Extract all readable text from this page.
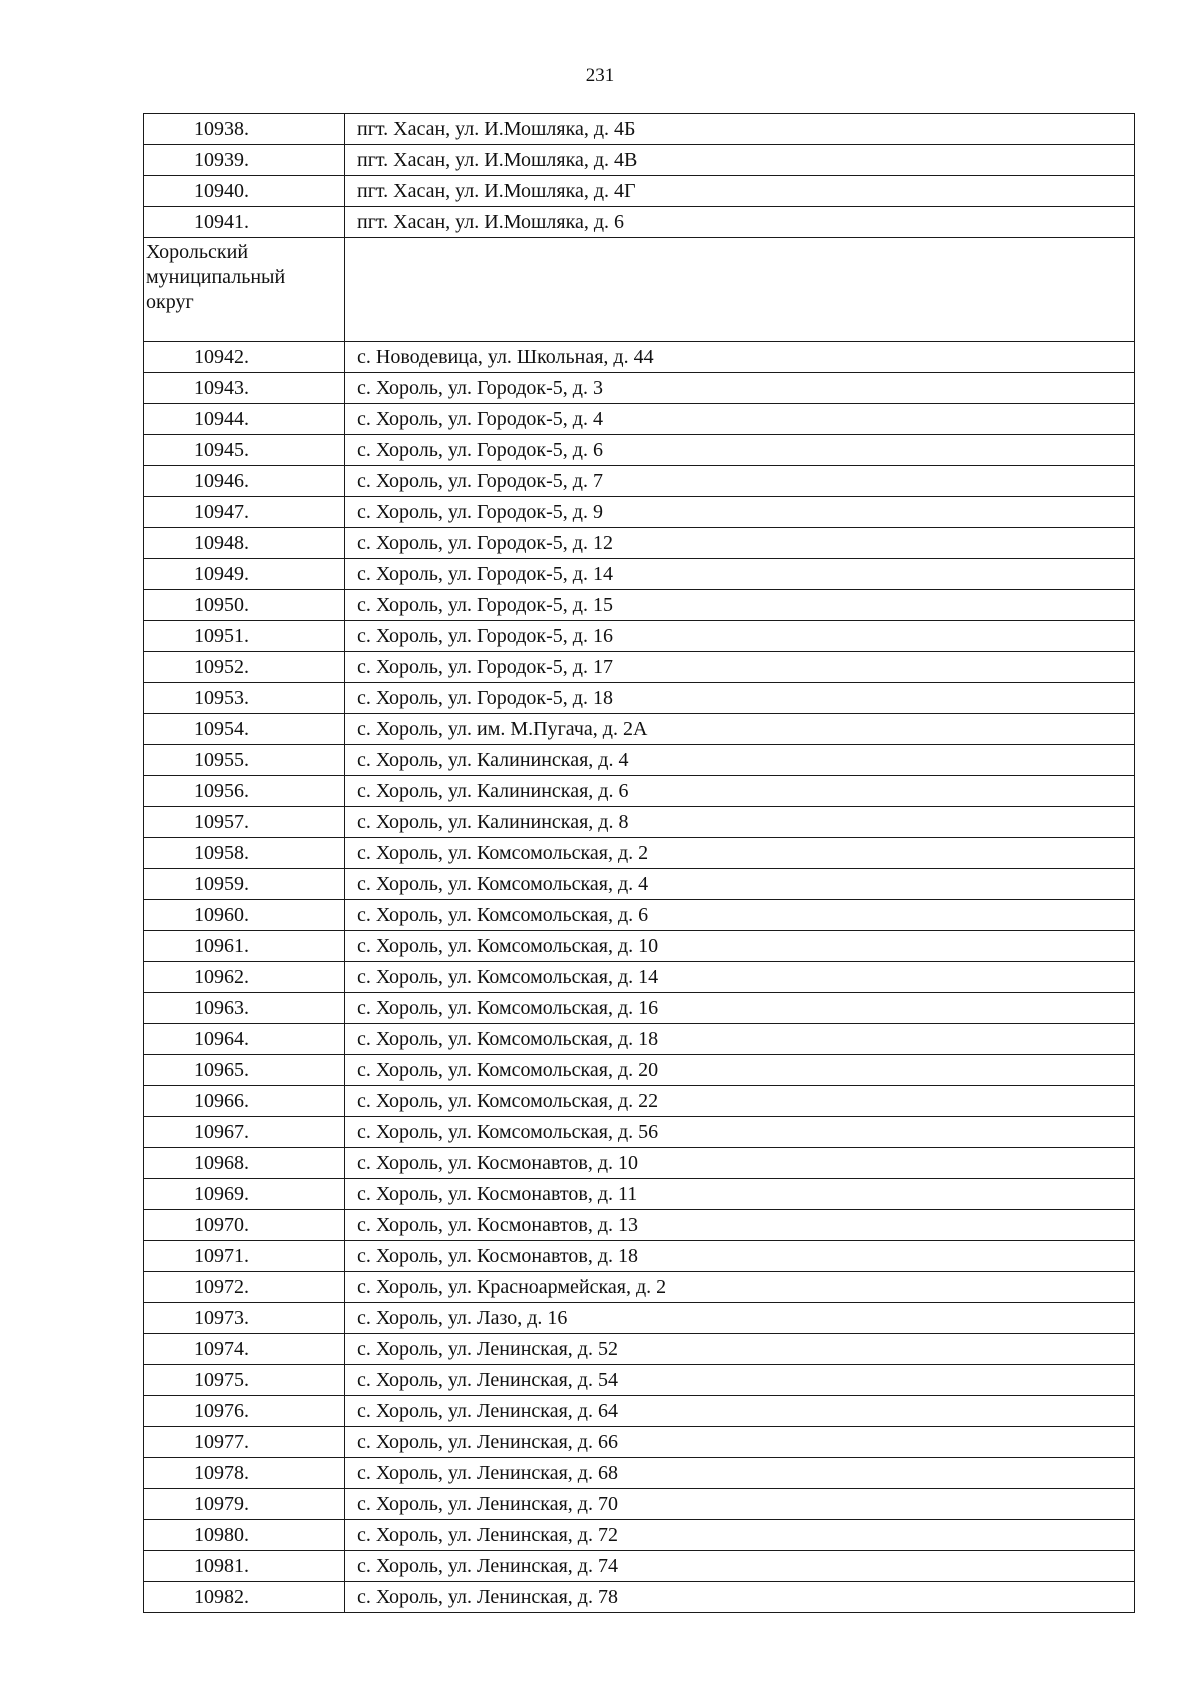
231
10938.	пгт. Хасан, ул. И.Мошляка, д. 4Б
10939.	пгт. Хасан, ул. И.Мошляка, д. 4В
10940.	пгт. Хасан, ул. И.Мошляка, д. 4Г
10941.	пгт. Хасан, ул. И.Мошляка, д. 6

Хорольский
муниципальный
округ	

10942.	с. Новодевица, ул. Школьная, д. 44
10943.	с. Хороль, ул. Городок-5, д. 3
10944.	с. Хороль, ул. Городок-5, д. 4
10945.	с. Хороль, ул. Городок-5, д. 6
10946.	с. Хороль, ул. Городок-5, д. 7
10947.	с. Хороль, ул. Городок-5, д. 9
10948.	с. Хороль, ул. Городок-5, д. 12
10949.	с. Хороль, ул. Городок-5, д. 14
10950.	с. Хороль, ул. Городок-5, д. 15
10951.	с. Хороль, ул. Городок-5, д. 16
10952.	с. Хороль, ул. Городок-5, д. 17
10953.	с. Хороль, ул. Городок-5, д. 18
10954.	с. Хороль, ул. им. М.Пугача, д. 2А
10955.	с. Хороль, ул. Калининская, д. 4
10956.	с. Хороль, ул. Калининская, д. 6
10957.	с. Хороль, ул. Калининская, д. 8
10958.	с. Хороль, ул. Комсомольская, д. 2
10959.	с. Хороль, ул. Комсомольская, д. 4
10960.	с. Хороль, ул. Комсомольская, д. 6
10961.	с. Хороль, ул. Комсомольская, д. 10
10962.	с. Хороль, ул. Комсомольская, д. 14
10963.	с. Хороль, ул. Комсомольская, д. 16
10964.	с. Хороль, ул. Комсомольская, д. 18
10965.	с. Хороль, ул. Комсомольская, д. 20
10966.	с. Хороль, ул. Комсомольская, д. 22
10967.	с. Хороль, ул. Комсомольская, д. 56
10968.	с. Хороль, ул. Космонавтов, д. 10
10969.	с. Хороль, ул. Космонавтов, д. 11
10970.	с. Хороль, ул. Космонавтов, д. 13
10971.	с. Хороль, ул. Космонавтов, д. 18
10972.	с. Хороль, ул. Красноармейская, д. 2
10973.	с. Хороль, ул. Лазо, д. 16
10974.	с. Хороль, ул. Ленинская, д. 52
10975.	с. Хороль, ул. Ленинская, д. 54
10976.	с. Хороль, ул. Ленинская, д. 64
10977.	с. Хороль, ул. Ленинская, д. 66
10978.	с. Хороль, ул. Ленинская, д. 68
10979.	с. Хороль, ул. Ленинская, д. 70
10980.	с. Хороль, ул. Ленинская, д. 72
10981.	с. Хороль, ул. Ленинская, д. 74
10982.	с. Хороль, ул. Ленинская, д. 78
